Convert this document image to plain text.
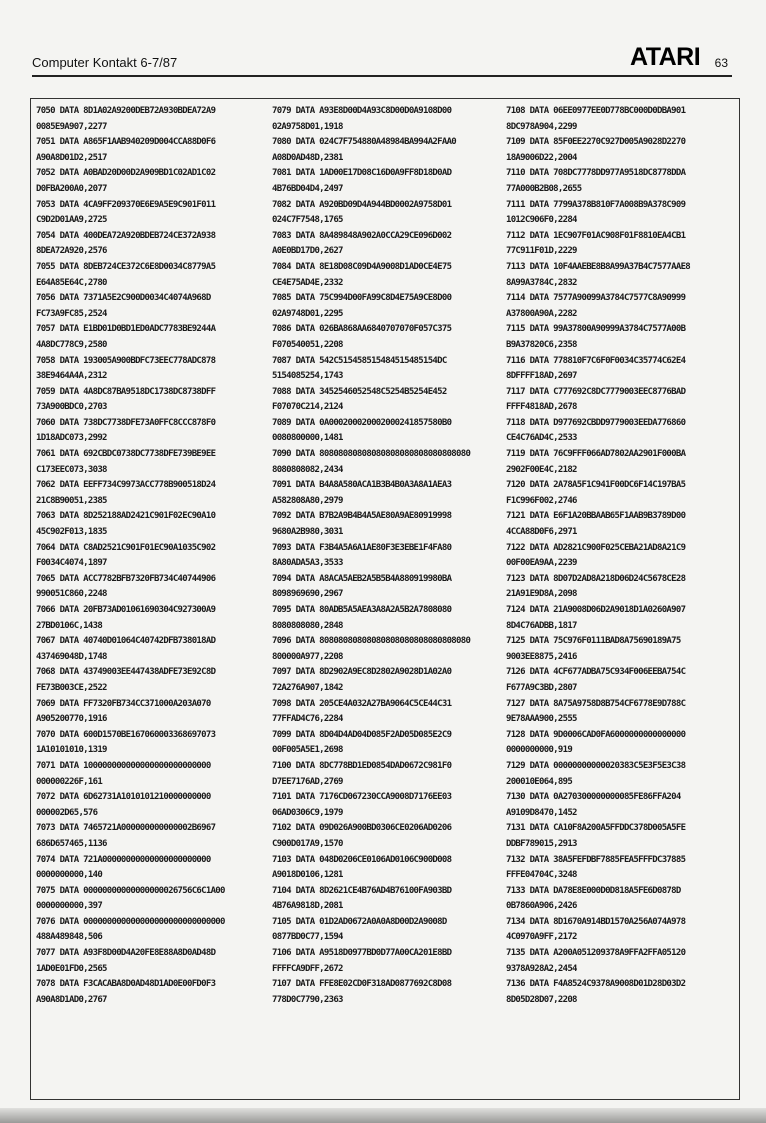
Computer Kontakt 6-7/87	ATARI 63
7050 DATA 8D1A02A9200DEB72A930BDEA72A9
0085E9A907,2277
7051 DATA A865F1AAB940209D004CCA88D0F6
A90A8D01D2,2517
7052 DATA A0BAD20D00D2A909BD1C02AD1C02
D0FBA200A0,2077
7053 DATA 4CA9FF209370E6E9A5E9C901F011
C9D2D01AA9,2725
7054 DATA 400DEA72A920BDEB724CE372A938
8DEA72A920,2576
7055 DATA 8DEB724CE372C6E8D0034C8779A5
E64A85E64C,2780
7056 DATA 7371A5E2C900D0034C4074A968D
FC73A9FC85,2524
7057 DATA E1BD01D0BD1ED0ADC7783BE9244A
4A8DC778C9,2580
7058 DATA 193005A900BDFC73EEC778ADC878
38E9464A4A,2312
7059 DATA 4A8DC87BA9518DC1738DC8738DFF
73A900BDC0,2703
7060 DATA 738DC7738DFE73A0FFC8CCC878F0
1D18ADC073,2992
7061 DATA 692CBDC0738DC7738DFE739BE9EE
C173EEC073,3038
7062 DATA EEFF734C9973ACC778B900518D24
21C8B90051,2385
7063 DATA 8D252188AD2421C901F02EC90A10
45C902F013,1835
7064 DATA C8AD2521C901F01EC90A1035C902
F0034C4074,1897
7065 DATA ACC7782BFB7320FB734C40744906
990051C860,2248
7066 DATA 20FB73AD01061690304C927300A9
27BD0106C,1438
7067 DATA 40740D01064C40742DFB738018AD
437469048D,1748
7068 DATA 43749003EE447438ADFE73E92C8D
FE73B003CE,2522
7069 DATA FF7320FB734CC371000A203A070
A905200770,1916
7070 DATA 600D1570BE167060003368697073
1A10101010,1319
7071 DATA 100000000000000000000000000
000000226F,161
7072 DATA 6D62731A1010101210000000000
000002D65,576
7073 DATA 7465721A000000000000002B6967
686D657465,1136
7074 DATA 721A00000000000000000000000
0000000000,140
7075 DATA 00000000000000000026756C6C1A00
0000000000,397
7076 DATA 000000000000000000000000000000
488A489848,506
7077 DATA A93F8D00D4A20FE8E88A8D0AD48D
1AD0E01FD0,2565
7078 DATA F3CACABA8D0AD48D1AD0E00FD0F3
A90A8D1AD0,2767
7079 DATA A93E8D00D4A93C8D00D0A9108D00
02A9758D01,1918
7080 DATA 024C7F754880A48984BA994A2FAA0
A08D0AD48D,2381
7081 DATA 1AD00E17D08C16D0A9FF8D18D0AD
4B76BD04D4,2497
7082 DATA A920BD09D4A944BD0002A9758D01
024C7F7548,1765
7083 DATA 8A489848A902A0CCA29CE096D002
A0E0BD17D0,2627
7084 DATA 8E18D08C09D4A9008D1AD0CE4E75
CE4E75AD4E,2332
7085 DATA 75C994D00FA99C8D4E75A9CE8D00
02A9748D01,2295
7086 DATA 026BA868AA6840707070F057C375
F070540051,2208
7087 DATA 542C515458515484515485154DC
5154085254,1743
7088 DATA 3452546052548C5254B5254E452
F07070C214,2124
7089 DATA 0A000200020002000241857580B0
0080800000,1481
7090 DATA 80808080808080808080808080808080
8080808082,2434
7091 DATA B4A8A580ACA1B3B4B0A3A8A1AEA3
A582808A80,2979
7092 DATA B7B2A9B4B4A5AE80A9AE80919998
9680A2B980,3031
7093 DATA F3B4A5A6A1AE80F3E3EBE1F4FA80
8A80ADA5A3,3533
7094 DATA A8ACA5AEB2A5B5B4A880919980BA
8098969690,2967
7095 DATA 80ADB5A5AEA3A8A2A5B2A7808080
8080808080,2848
7096 DATA 80808080808080808080808080808080
800000A977,2208
7097 DATA 8D2902A9EC8D2802A9028D1A02A0
72A276A907,1842
7098 DATA 205CE4A032A27BA9064C5CE44C31
77FFAD4C76,2284
7099 DATA 8D04D4AD04D085F2AD05D085E2C9
00F005A5E1,2698
7100 DATA 8DC778BD1ED0854DAD0672C981F0
D7EE7176AD,2769
7101 DATA 7176CD067230CCA9008D7176EE03
06AD0306C9,1979
7102 DATA 09D026A900BD0306CE0206AD0206
C900D017A9,1570
7103 DATA 048D0206CE0106AD0106C900D008
A9018D0106,1281
7104 DATA 8D2621CE4B76AD4B76100FA903BD
4B76A9818D,2081
7105 DATA 01D2AD0672A0A0A8D00D2A9008D
0877BD0C77,1594
7106 DATA A9518D0977BD0D77A00CA201E8BD
FFFFCA9DFF,2672
7107 DATA FFE8E02CD0F318AD0877692C8D08
778D0C7790,2363
7108 DATA 06EE0977EE0D778BC000D0DBA901
8DC978A904,2299
7109 DATA 85F0EE2270C927D005A9028D2270
18A9006D22,2004
7110 DATA 708DC7778DD977A9518DC8778DDA
77A000B2B08,2655
7111 DATA 7799A378B810F7A008B9A378C909
1012C906F0,2284
7112 DATA 1EC907F01AC908F01F8810EA4CB1
77C911F01D,2229
7113 DATA 10F4AAEBE8B8A99A37B4C7577AAE8
8A99A3784C,2832
7114 DATA 7577A90099A3784C7577C8A90999
A37800A90A,2282
7115 DATA 99A37800A90999A3784C7577A00B
B9A37820C6,2358
7116 DATA 778810F7C6F0F0034C35774C62E4
8DFFFF18AD,2697
7117 DATA C777692C8DC7779003EEC8776BAD
FFFF4818AD,2678
7118 DATA D977692CBDD9779003EEDA776860
CE4C76AD4C,2533
7119 DATA 76C9FFF066AD7802AA2901F000BA
2902F00E4C,2182
7120 DATA 2A78A5F1C941F00DC6F14C197BA5
F1C996F002,2746
7121 DATA E6F1A20BBAAB65F1AAB9B3789D00
4CCA88D0F6,2971
7122 DATA AD2821C900F025CEBA21AD8A21C9
00F00EA9AA,2239
7123 DATA 8D07D2AD8A218D06D24C5678CE28
21A91E9D8A,2098
7124 DATA 21A9008D06D2A9018D1A0260A907
8D4C76ADBB,1817
7125 DATA 75C976F0111BAD8A75690189A75
9003EE8875,2416
7126 DATA 4CF677ADBA75C934F006EEBA754C
F677A9C3BD,2807
7127 DATA 8A75A9758D8B754CF6778E9D788C
9E78AAA900,2555
7128 DATA 9D0006CAD0FA6000000000000000
0000000000,919
7129 DATA 00000000000020383C5E3F5E3C38
200010E064,895
7130 DATA 0A270300000000085FE86FFA204
A9109D8470,1452
7131 DATA CA10F8A200A5FFDDC378D005A5FE
DDBF789015,2913
7132 DATA 38A5FEFDBF7885FEA5FFFDC37885
FFFE04704C,3248
7133 DATA DA78E8E000D0D818A5FE6D0878D
0B7860A906,2426
7134 DATA 8D1670A914BD1570A256A074A978
4C0970A9FF,2172
7135 DATA A200A051209378A9FFA2FFA05120
9378A928A2,2454
7136 DATA F4A8524C9378A9008D01D28D03D2
8D05D28D07,2208
